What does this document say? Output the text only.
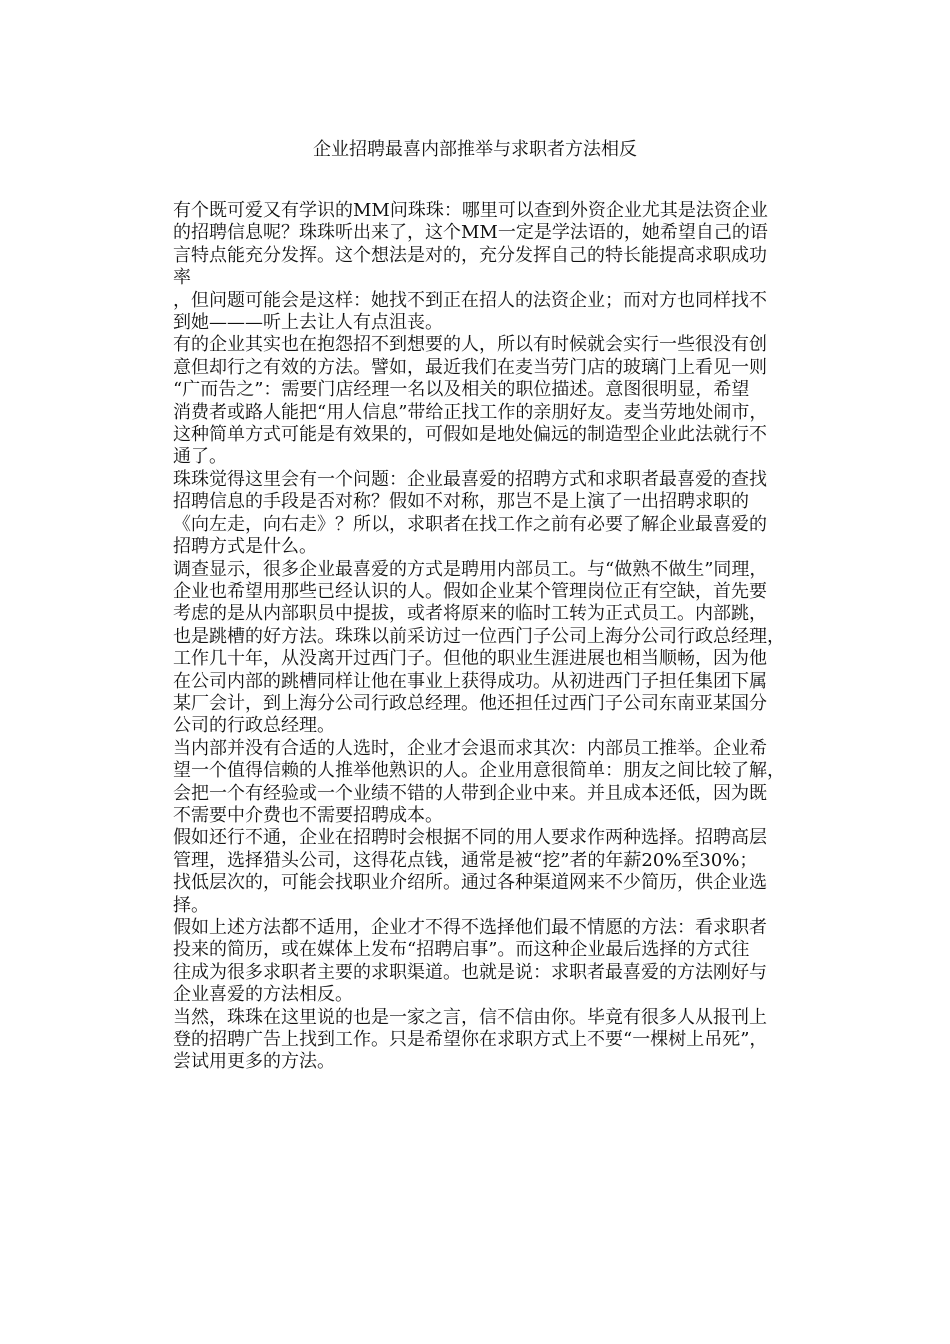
企业招聘最喜内部推举与求职者方法相反
有个既可爱又有学识的MM问珠珠：哪里可以查到外资企业尤其是法资企业
的招聘信息呢？珠珠听出来了，这个MM一定是学法语的，她希望自己的语
言特点能充分发挥。这个想法是对的，充分发挥自己的特长能提高求职成功
率
，但问题可能会是这样：她找不到正在招人的法资企业；而对方也同样找不
到她———听上去让人有点沮丧。
有的企业其实也在抱怨招不到想要的人，所以有时候就会实行一些很没有创
意但却行之有效的方法。譬如，最近我们在麦当劳门店的玻璃门上看见一则
“广而告之”：需要门店经理一名以及相关的职位描述。意图很明显，希望
消费者或路人能把“用人信息”带给正找工作的亲朋好友。麦当劳地处闹市，
这种简单方式可能是有效果的，可假如是地处偏远的制造型企业此法就行不
通了。
珠珠觉得这里会有一个问题：企业最喜爱的招聘方式和求职者最喜爱的查找
招聘信息的手段是否对称？假如不对称，那岂不是上演了一出招聘求职的
《向左走，向右走》？所以，求职者在找工作之前有必要了解企业最喜爱的
招聘方式是什么。
调查显示，很多企业最喜爱的方式是聘用内部员工。与“做熟不做生”同理，
企业也希望用那些已经认识的人。假如企业某个管理岗位正有空缺，首先要
考虑的是从内部职员中提拔，或者将原来的临时工转为正式员工。内部跳，
也是跳槽的好方法。珠珠以前采访过一位西门子公司上海分公司行政总经理，
工作几十年，从没离开过西门子。但他的职业生涯进展也相当顺畅，因为他
在公司内部的跳槽同样让他在事业上获得成功。从初进西门子担任集团下属
某厂会计，到上海分公司行政总经理。他还担任过西门子公司东南亚某国分
公司的行政总经理。
当内部并没有合适的人选时，企业才会退而求其次：内部员工推举。企业希
望一个值得信赖的人推举他熟识的人。企业用意很简单：朋友之间比较了解，
会把一个有经验或一个业绩不错的人带到企业中来。并且成本还低，因为既
不需要中介费也不需要招聘成本。
假如还行不通，企业在招聘时会根据不同的用人要求作两种选择。招聘高层
管理，选择猎头公司，这得花点钱，通常是被“挖”者的年薪20%至30%；
找低层次的，可能会找职业介绍所。通过各种渠道网来不少简历，供企业选
择。
假如上述方法都不适用，企业才不得不选择他们最不情愿的方法：看求职者
投来的简历，或在媒体上发布“招聘启事”。而这种企业最后选择的方式往
往成为很多求职者主要的求职渠道。也就是说：求职者最喜爱的方法刚好与
企业喜爱的方法相反。
当然，珠珠在这里说的也是一家之言，信不信由你。毕竟有很多人从报刊上
登的招聘广告上找到工作。只是希望你在求职方式上不要“一棵树上吊死”，
尝试用更多的方法。
